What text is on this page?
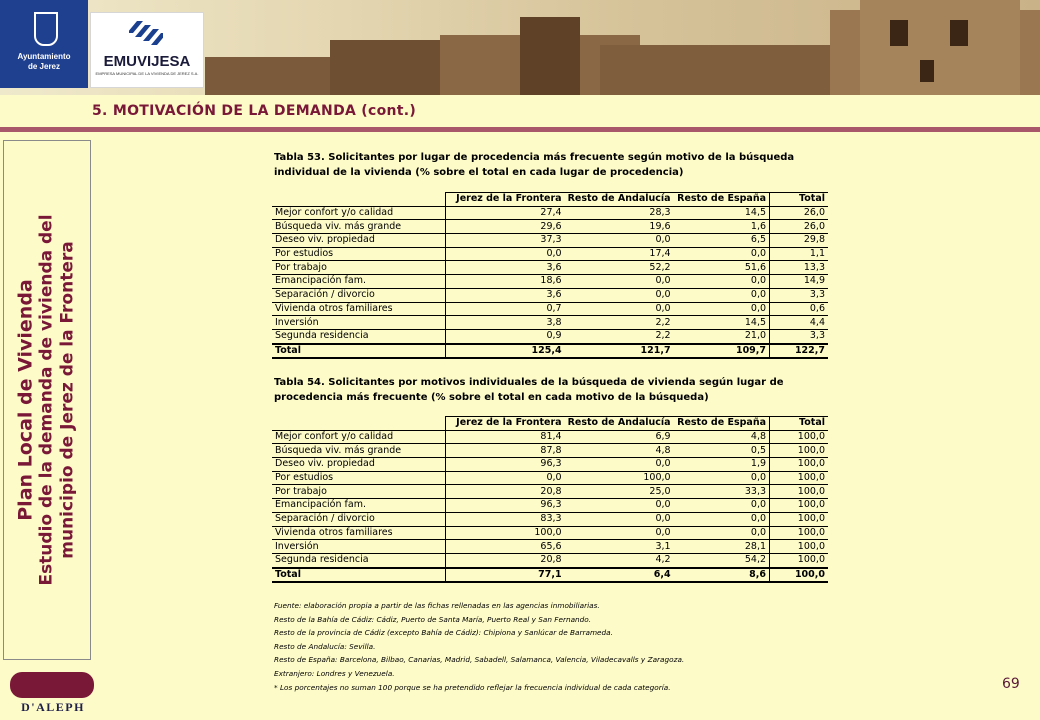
Ayuntamiento
de Jerez	EMUVIJESA
EMPRESA MUNICIPAL DE LA VIVIENDA DE JEREZ S.A.
5. MOTIVACIÓN DE LA DEMANDA (cont.)
Plan Local de Vivienda Estudio de la demanda de vivienda del municipio de Jerez de la Frontera
D'ALEPH
69
Tabla 53. Solicitantes por lugar de procedencia más frecuente según motivo de la búsqueda individual de la vivienda (% sobre el total en cada lugar de procedencia)
	Jerez de la Frontera	Resto de Andalucía	Resto de España	Total
Mejor confort y/o calidad	27,4	28,3	14,5	26,0
Búsqueda viv. más grande	29,6	19,6	1,6	26,0
Deseo viv. propiedad	37,3	0,0	6,5	29,8
Por estudios	0,0	17,4	0,0	1,1
Por trabajo	3,6	52,2	51,6	13,3
Emancipación fam.	18,6	0,0	0,0	14,9
Separación / divorcio	3,6	0,0	0,0	3,3
Vivienda otros familiares	0,7	0,0	0,0	0,6
Inversión	3,8	2,2	14,5	4,4
Segunda residencia	0,9	2,2	21,0	3,3
Total	125,4	121,7	109,7	122,7
Tabla 54. Solicitantes por motivos individuales de la búsqueda de vivienda según lugar de procedencia más frecuente (% sobre el total en cada motivo de la búsqueda)
	Jerez de la Frontera	Resto de Andalucía	Resto de España	Total
Mejor confort y/o calidad	81,4	6,9	4,8	100,0
Búsqueda viv. más grande	87,8	4,8	0,5	100,0
Deseo viv. propiedad	96,3	0,0	1,9	100,0
Por estudios	0,0	100,0	0,0	100,0
Por trabajo	20,8	25,0	33,3	100,0
Emancipación fam.	96,3	0,0	0,0	100,0
Separación / divorcio	83,3	0,0	0,0	100,0
Vivienda otros familiares	100,0	0,0	0,0	100,0
Inversión	65,6	3,1	28,1	100,0
Segunda residencia	20,8	4,2	54,2	100,0
Total	77,1	6,4	8,6	100,0
Fuente: elaboración propia a partir de las fichas rellenadas en las agencias inmobiliarias.
Resto de la Bahía de Cádiz: Cádiz, Puerto de Santa María, Puerto Real y San Fernando.
Resto de la provincia de Cádiz (excepto Bahía de Cádiz): Chipiona y Sanlúcar de Barrameda.
Resto de Andalucía: Sevilla.
Resto de España: Barcelona, Bilbao, Canarias, Madrid, Sabadell, Salamanca, Valencia, Viladecavalls y Zaragoza.
Extranjero: Londres y Venezuela.
* Los porcentajes no suman 100 porque se ha pretendido reflejar la frecuencia individual de cada categoría.
